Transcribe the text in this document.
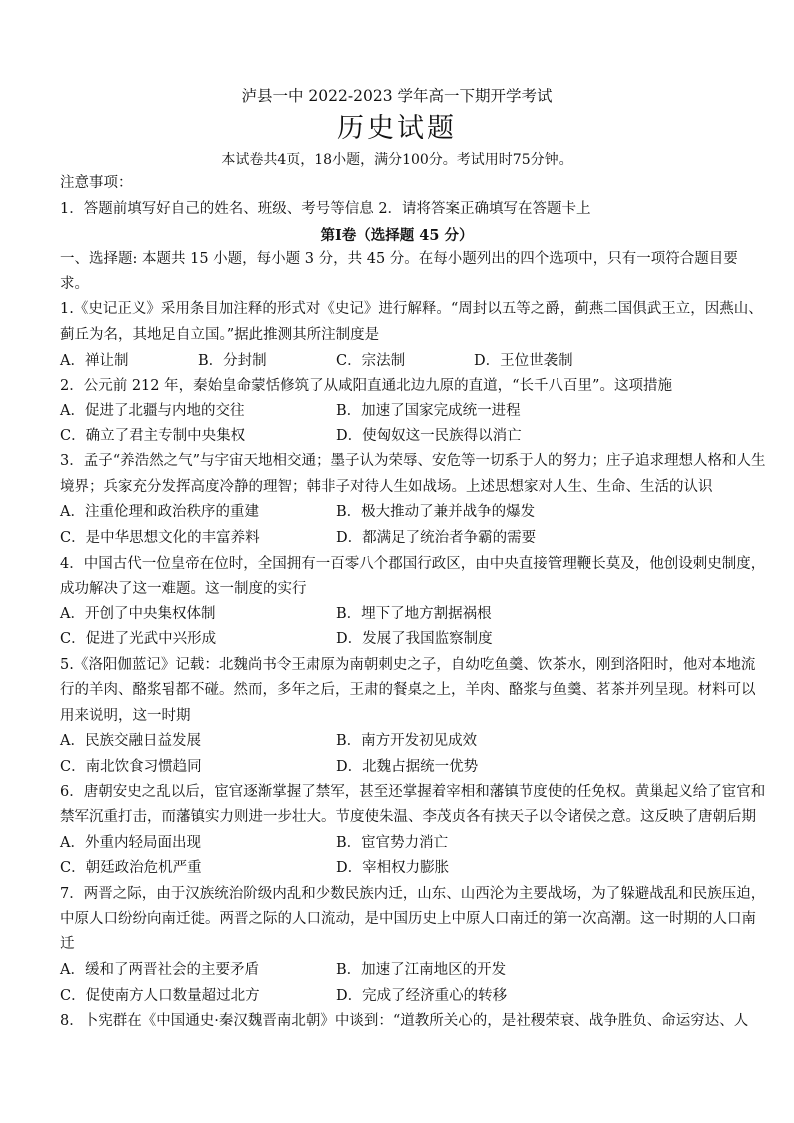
泸县一中 2022-2023 学年高一下期开学考试
历史试题
本试卷共4页，18小题，满分100分。考试用时75分钟。
注意事项：
1．答题前填写好自己的姓名、班级、考号等信息 2．请将答案正确填写在答题卡上
第Ⅰ卷（选择题 45 分）
一、选择题: 本题共 15 小题，每小题 3 分，共 45 分。在每小题列出的四个选项中，只有一项符合题目要
求。
1.《史记正义》采用条目加注释的形式对《史记》进行解释。“周封以五等之爵，蓟燕二国俱武王立，因燕山、
蓟丘为名，其地足自立国。”据此推测其所注制度是
A．禅让制	B．分封制	C．宗法制	D．王位世袭制
2．公元前 212 年，秦始皇命蒙恬修筑了从咸阳直通北边九原的直道，“长千八百里”。这项措施
A．促进了北疆与内地的交往	B．加速了国家完成统一进程
C．确立了君主专制中央集权	D．使匈奴这一民族得以消亡
3．孟子“养浩然之气”与宇宙天地相交通；墨子认为荣辱、安危等一切系于人的努力；庄子追求理想人格和人生
境界；兵家充分发挥高度冷静的理智；韩非子对待人生如战场。上述思想家对人生、生命、生活的认识
A．注重伦理和政治秩序的重建	B．极大推动了兼并战争的爆发
C．是中华思想文化的丰富养料	D．都满足了统治者争霸的需要
4．中国古代一位皇帝在位时，全国拥有一百零八个郡国行政区，由中央直接管理鞭长莫及，他创设刺史制度，
成功解决了这一难题。这一制度的实行
A．开创了中央集权体制	B．埋下了地方割据祸根
C．促进了光武中兴形成	D．发展了我国监察制度
5.《洛阳伽蓝记》记载：北魏尚书令王肃原为南朝刺史之子，自幼吃鱼羹、饮茶水，刚到洛阳时，他对本地流
行的羊肉、酪浆됨都不碰。然而，多年之后，王肃的餐桌之上，羊肉、酪浆与鱼羹、茗茶并列呈现。材料可以
用来说明，这一时期
A．民族交融日益发展	B．南方开发初见成效
C．南北饮食习惯趋同	D．北魏占据统一优势
6．唐朝安史之乱以后，宦官逐渐掌握了禁军，甚至还掌握着宰相和藩镇节度使的任免权。黄巢起义给了宦官和
禁军沉重打击，而藩镇实力则进一步壮大。节度使朱温、李茂贞各有挟天子以令诸侯之意。这反映了唐朝后期
A．外重内轻局面出现	B．宦官势力消亡
C．朝廷政治危机严重	D．宰相权力膨胀
7．两晋之际，由于汉族统治阶级内乱和少数民族内迁，山东、山西沦为主要战场，为了躲避战乱和民族压迫，
中原人口纷纷向南迁徙。两晋之际的人口流动，是中国历史上中原人口南迁的第一次高潮。这一时期的人口南
迁
A．缓和了两晋社会的主要矛盾	B．加速了江南地区的开发
C．促使南方人口数量超过北方	D．完成了经济重心的转移
8．卜宪群在《中国通史·秦汉魏晋南北朝》中谈到：“道教所关心的，是社稷荣衰、战争胜负、命运穷达、人
